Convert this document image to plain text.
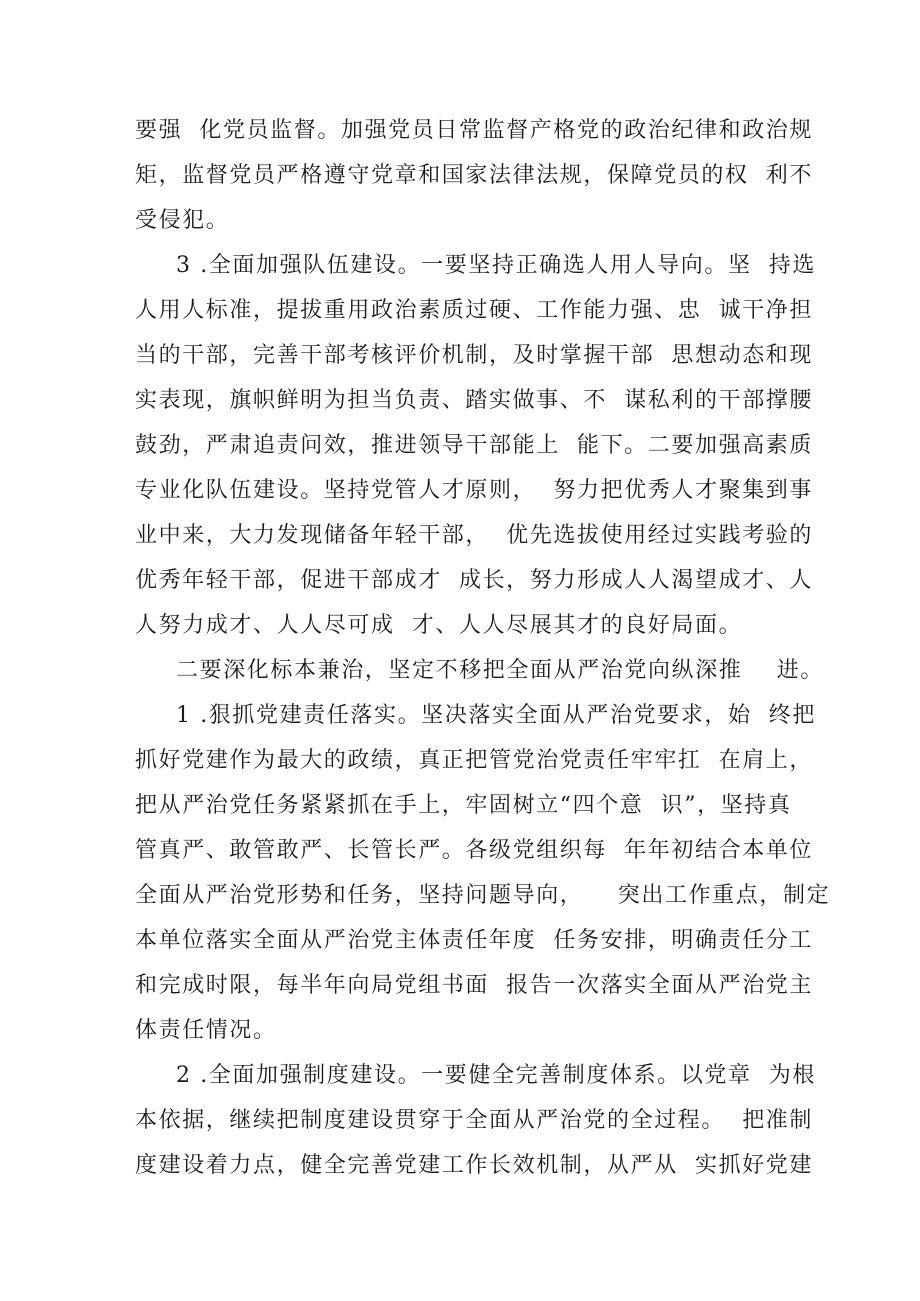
要强  化党员监督。加强党员日常监督产格党的政治纪律和政治规
矩，监督党员严格遵守党章和国家法律法规，保障党员的权  利不
受侵犯。
3 .全面加强队伍建设。一要坚持正确选人用人导向。坚  持选
人用人标准，提拔重用政治素质过硬、工作能力强、忠  诚干净担
当的干部，完善干部考核评价机制，及时掌握干部  思想动态和现
实表现，旗帜鲜明为担当负责、踏实做事、不  谋私利的干部撑腰
鼓劲，严肃追责问效，推进领导干部能上  能下。二要加强高素质
专业化队伍建设。坚持党管人才原则，  努力把优秀人才聚集到事
业中来，大力发现储备年轻干部，  优先选拔使用经过实践考验的
优秀年轻干部，促进干部成才  成长，努力形成人人渴望成才、人
人努力成才、人人尽可成  才、人人尽展其才的良好局面。
二要深化标本兼治，坚定不移把全面从严治党向纵深推    进。
1 .狠抓党建责任落实。坚决落实全面从严治党要求，始  终把
抓好党建作为最大的政绩，真正把管党治党责任牢牢扛  在肩上，
把从严治党任务紧紧抓在手上，牢固树立“四个意  识”，坚持真
管真严、敢管敢严、长管长严。各级党组织每  年年初结合本单位
全面从严治党形势和任务，坚持问题导向，    突出工作重点，制定
本单位落实全面从严治党主体责任年度  任务安排，明确责任分工
和完成时限，每半年向局党组书面  报告一次落实全面从严治党主
体责任情况。
2 .全面加强制度建设。一要健全完善制度体系。以党章  为根
本依据，继续把制度建设贯穿于全面从严治党的全过程。  把准制
度建设着力点，健全完善党建工作长效机制，从严从  实抓好党建
